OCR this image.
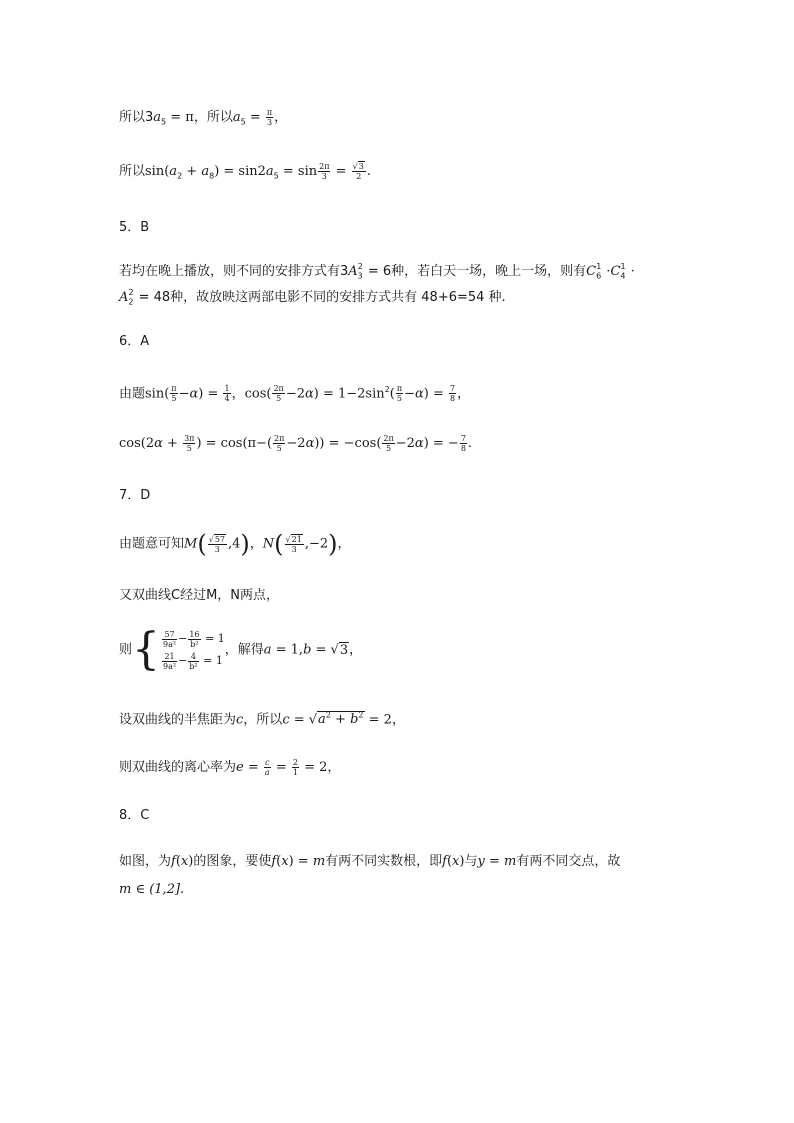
所以$3a_5 = \pi$，所以$a_5 = \frac{\pi}{3}$ ，
所以$\sin(a_2 + a_8) = \sin 2a_5 = \sin \frac{2\pi}{3} = \frac{√3}{2}$ .
5．B
若均在晚上播放，则不同的安排方式有$3A_3^2 = 6$种，若白天一场，晚上一场，则有$C_6^1 \cdot C_4^1$ ·
$A_2^2 = 48$种，故放映这两部电影不同的安排方式共有 48+6=54 种.
6．A
由题$\sin( \frac{\pi}{5} -\alpha) = \frac{1}{4}$ ，$\cos( \frac{2\pi}{5} -2\alpha) = 1-2\sin^2( \frac{\pi}{5} -\alpha) = \frac{7}{8}$ ，
$\cos(2\alpha + \frac{3\pi}{5}$ ) = $\cos(\pi-( \frac{2\pi}{5} -2\alpha)) = -\cos( \frac{2\pi}{5} -2\alpha)$ = − $\frac{7}{8}$ .
7．D
由题意可知$M( \frac{√57}{3} ,4)$，$N( \frac{√21}{3} ,-2)$，
又双曲线C经过M，N两点，
则 { $\frac{57}{\text{9a²}} - \frac{16}{\text{b²}} = 1$
$\frac{21}{\text{9a²}} - \frac{4}{\text{b²}} = 1$
，解得a = 1,b = √3，
设双曲线的半焦距为c，所以$c = √a^2 + b^2 = 2$，
则双曲线的离心率为$e = \frac{c}{a} = \frac{2}{1} = 2$，
8．C
如图，为f(x)的图象，要使f(x) = m有两不同实数根，即f(x)与y = m有两不同交点，故
m ∈ (1,2].
